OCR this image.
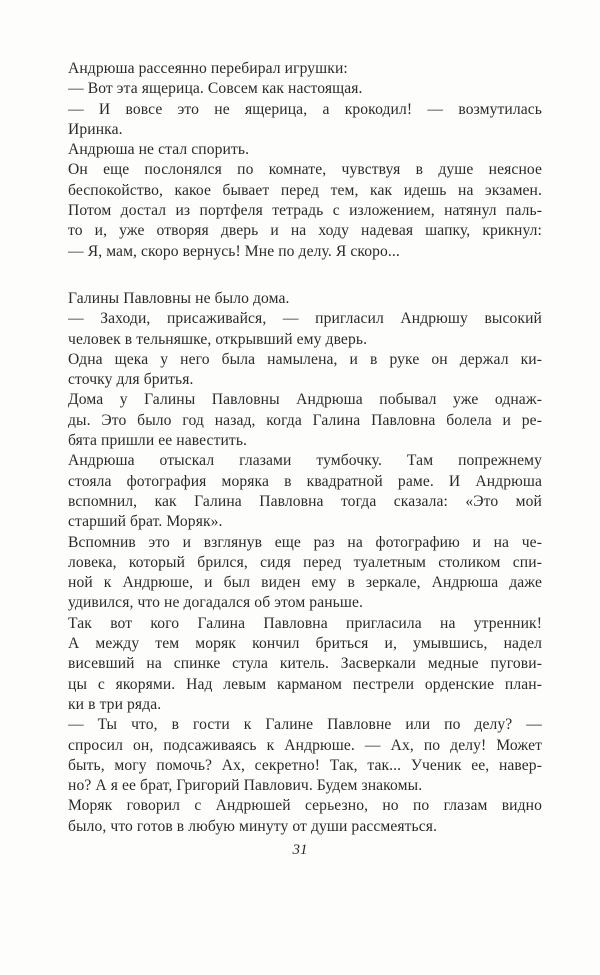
Андрюша рассеянно перебирал игрушки:
— Вот эта ящерица. Совсем как настоящая.
— И вовсе это не ящерица, а крокодил! — возмутилась
Иринка.
Андрюша не стал спорить.
Он еще послонялся по комнате, чувствуя в душе неясное
беспокойство, какое бывает перед тем, как идешь на экзамен.
Потом достал из портфеля тетрадь с изложением, натянул паль-
то и, уже отворяя дверь и на ходу надевая шапку, крикнул:
— Я, мам, скоро вернусь! Мне по делу. Я скоро...
Галины Павловны не было дома.
— Заходи, присаживайся, — пригласил Андрюшу высокий
человек в тельняшке, открывший ему дверь.
Одна щека у него была намылена, и в руке он держал ки-
сточку для бритья.
Дома у Галины Павловны Андрюша побывал уже однаж-
ды. Это было год назад, когда Галина Павловна болела и ре-
бята пришли ее навестить.
Андрюша отыскал глазами тумбочку. Там попрежнему
стояла фотография моряка в квадратной раме. И Андрюша
вспомнил, как Галина Павловна тогда сказала: «Это мой
старший брат. Моряк».
Вспомнив это и взглянув еще раз на фотографию и на че-
ловека, который брился, сидя перед туалетным столиком спи-
ной к Андрюше, и был виден ему в зеркале, Андрюша даже
удивился, что не догадался об этом раньше.
Так вот кого Галина Павловна пригласила на утренник!
А между тем моряк кончил бриться и, умывшись, надел
висевший на спинке стула китель. Засверкали медные пугови-
цы с якорями. Над левым карманом пестрели орденские план-
ки в три ряда.
— Ты что, в гости к Галине Павловне или по делу? —
спросил он, подсаживаясь к Андрюше. — Ах, по делу! Может
быть, могу помочь? Ах, секретно! Так, так... Ученик ее, навер-
но? А я ее брат, Григорий Павлович. Будем знакомы.
Моряк говорил с Андрюшей серьезно, но по глазам видно
было, что готов в любую минуту от души рассмеяться.
31
